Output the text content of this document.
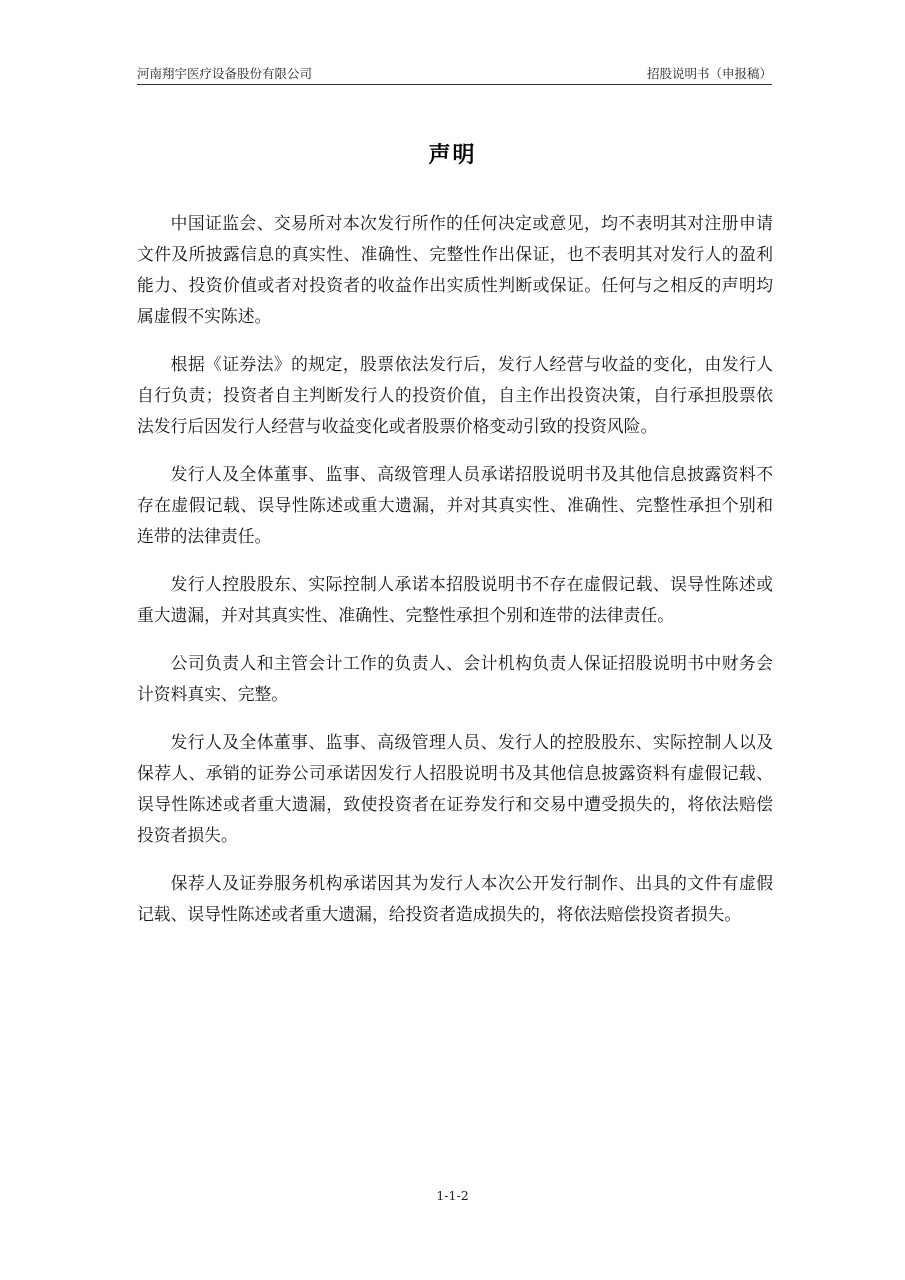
河南翔宇医疗设备股份有限公司	招股说明书（申报稿）
声明

中国证监会、交易所对本次发行所作的任何决定或意见，均不表明其对注册申请文件及所披露信息的真实性、准确性、完整性作出保证，也不表明其对发行人的盈利能力、投资价值或者对投资者的收益作出实质性判断或保证。任何与之相反的声明均属虚假不实陈述。

根据《证券法》的规定，股票依法发行后，发行人经营与收益的变化，由发行人自行负责；投资者自主判断发行人的投资价值，自主作出投资决策，自行承担股票依法发行后因发行人经营与收益变化或者股票价格变动引致的投资风险。

发行人及全体董事、监事、高级管理人员承诺招股说明书及其他信息披露资料不存在虚假记载、误导性陈述或重大遗漏，并对其真实性、准确性、完整性承担个别和连带的法律责任。

发行人控股股东、实际控制人承诺本招股说明书不存在虚假记载、误导性陈述或重大遗漏，并对其真实性、准确性、完整性承担个别和连带的法律责任。

公司负责人和主管会计工作的负责人、会计机构负责人保证招股说明书中财务会计资料真实、完整。

发行人及全体董事、监事、高级管理人员、发行人的控股股东、实际控制人以及保荐人、承销的证券公司承诺因发行人招股说明书及其他信息披露资料有虚假记载、误导性陈述或者重大遗漏，致使投资者在证券发行和交易中遭受损失的，将依法赔偿投资者损失。

保荐人及证券服务机构承诺因其为发行人本次公开发行制作、出具的文件有虚假记载、误导性陈述或者重大遗漏，给投资者造成损失的，将依法赔偿投资者损失。

1-1-2
